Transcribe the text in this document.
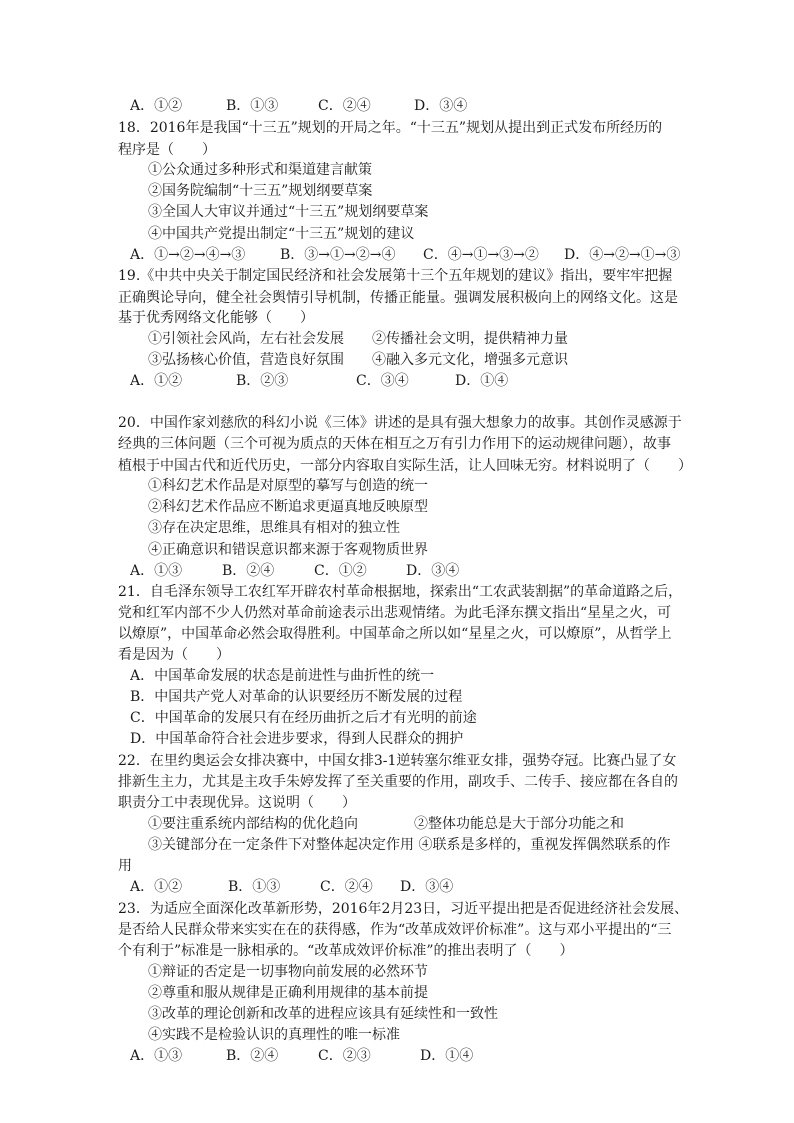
A．①②	B．①③	C．②④	D．③④
18．2016年是我国“十三五”规划的开局之年。“十三五”规划从提出到正式发布所经历的
程序是（　　）
①公众通过多种形式和渠道建言献策
②国务院编制“十三五”规划纲要草案
③全国人大审议并通过“十三五”规划纲要草案
④中国共产党提出制定“十三五”规划的建议
A．①→②→④→③ B．③→①→②→④ C．④→①→③→② D．④→②→①→③
19.《中共中央关于制定国民经济和社会发展第十三个五年规划的建议》指出，要牢牢把握
正确舆论导向，健全社会舆情引导机制，传播正能量。强调发展积极向上的网络文化。这是
基于优秀网络文化能够（　　）
①引领社会风尚，左右社会发展　　②传播社会文明，提供精神力量
③弘扬核心价值，营造良好氛围　　④融入多元文化，增强多元意识
A．①②	B．②③	C．③④	D．①④
20．中国作家刘慈欣的科幻小说《三体》讲述的是具有强大想象力的故事。其创作灵感源于
经典的三体问题（三个可视为质点的天体在相互之万有引力作用下的运动规律问题），故事
植根于中国古代和近代历史，一部分内容取自实际生活，让人回味无穷。材料说明了（　　）
①科幻艺术作品是对原型的摹写与创造的统一
②科幻艺术作品应不断追求更逼真地反映原型
③存在决定思维，思维具有相对的独立性
④正确意识和错误意识都来源于客观物质世界
A．①③	B．②④	C．①②	D．③④
21．自毛泽东领导工农红军开辟农村革命根据地，探索出“工农武装割据”的革命道路之后，
党和红军内部不少人仍然对革命前途表示出悲观情绪。为此毛泽东撰文指出“星星之火，可
以燎原”，中国革命必然会取得胜利。中国革命之所以如“星星之火，可以燎原”，从哲学上
看是因为（　　）
A．中国革命发展的状态是前进性与曲折性的统一
B．中国共产党人对革命的认识要经历不断发展的过程
C．中国革命的发展只有在经历曲折之后才有光明的前途
D．中国革命符合社会进步要求，得到人民群众的拥护
22．在里约奥运会女排决赛中，中国女排3-1逆转塞尔维亚女排，强势夺冠。比赛凸显了女
排新生主力，尤其是主攻手朱婷发挥了至关重要的作用，副攻手、二传手、接应都在各自的
职责分工中表现优异。这说明（　　）
①要注重系统内部结构的优化趋向　　　　②整体功能总是大于部分功能之和
③关键部分在一定条件下对整体起决定作用 ④联系是多样的，重视发挥偶然联系的作
用
A．①②	B．①③	C．②④ D．③④
23．为适应全面深化改革新形势，2016年2月23日，习近平提出把是否促进经济社会发展、
是否给人民群众带来实实在在的获得感，作为“改革成效评价标准”。这与邓小平提出的“三
个有利于”标准是一脉相承的。“改革成效评价标准”的推出表明了（　　）
①辩证的否定是一切事物向前发展的必然环节
②尊重和服从规律是正确利用规律的基本前提
③改革的理论创新和改革的进程应该具有延续性和一致性
④实践不是检验认识的真理性的唯一标准
A．①③	B．②④	C．②③	D．①④
